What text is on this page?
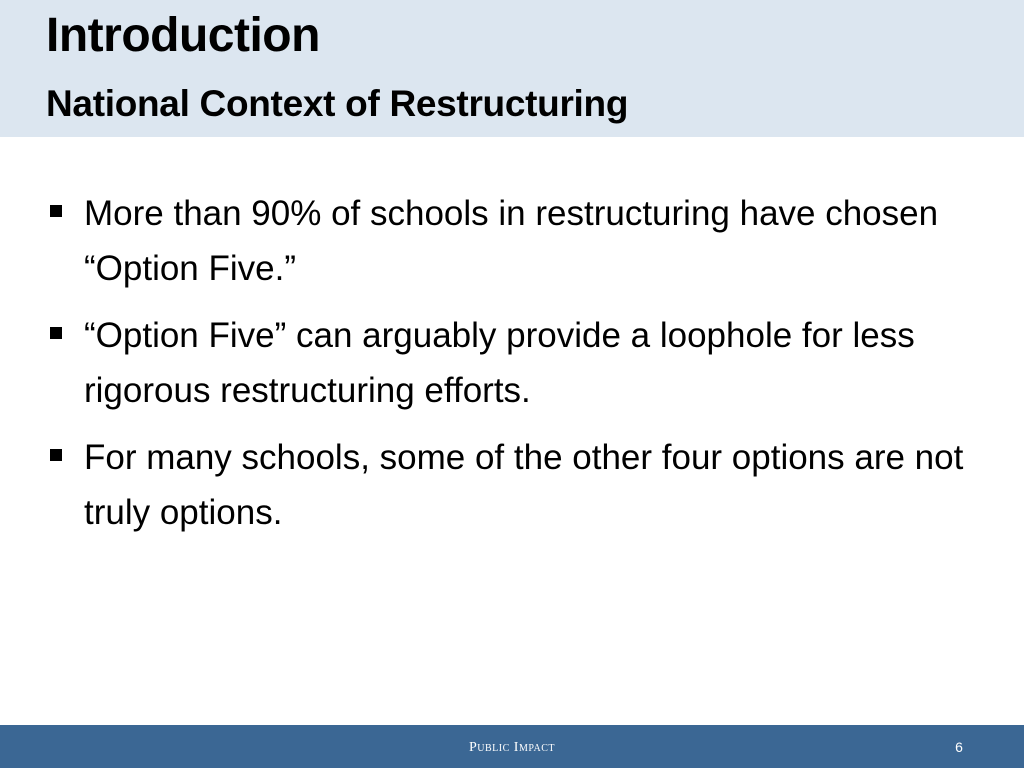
Introduction
National Context of Restructuring
More than 90% of schools in restructuring have chosen “Option Five.”
“Option Five” can arguably provide a loophole for less rigorous restructuring efforts.
For many schools, some of the other four options are not truly options.
Public Impact	6
